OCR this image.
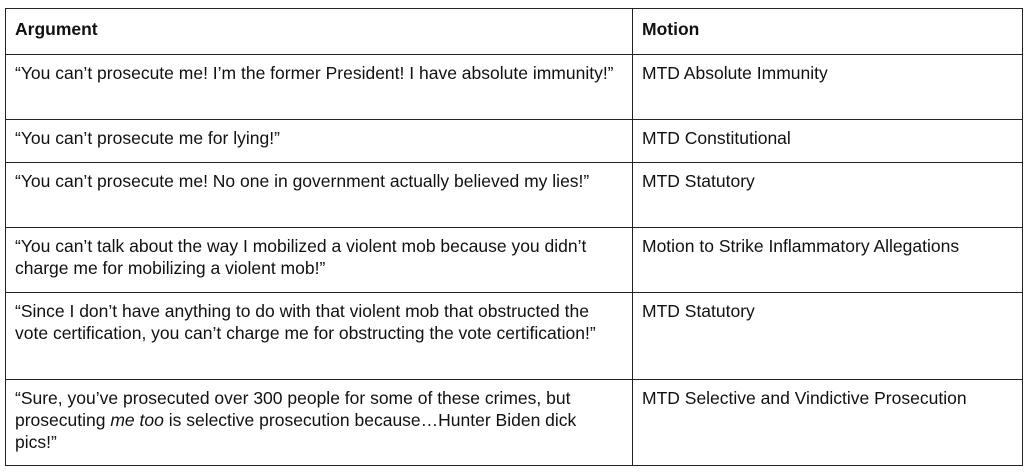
Argument	Motion
“You can’t prosecute me! I’m the former President! I have absolute immunity!”	MTD Absolute Immunity
“You can’t prosecute me for lying!”	MTD Constitutional
“You can’t prosecute me! No one in government actually believed my lies!”	MTD Statutory
“You can’t talk about the way I mobilized a violent mob because you didn’t charge me for mobilizing a violent mob!”	Motion to Strike Inflammatory Allegations
“Since I don’t have anything to do with that violent mob that obstructed the vote certification, you can’t charge me for obstructing the vote certification!”	MTD Statutory
“Sure, you’ve prosecuted over 300 people for some of these crimes, but prosecuting me too is selective prosecution because…Hunter Biden dick pics!”	MTD Selective and Vindictive Prosecution
